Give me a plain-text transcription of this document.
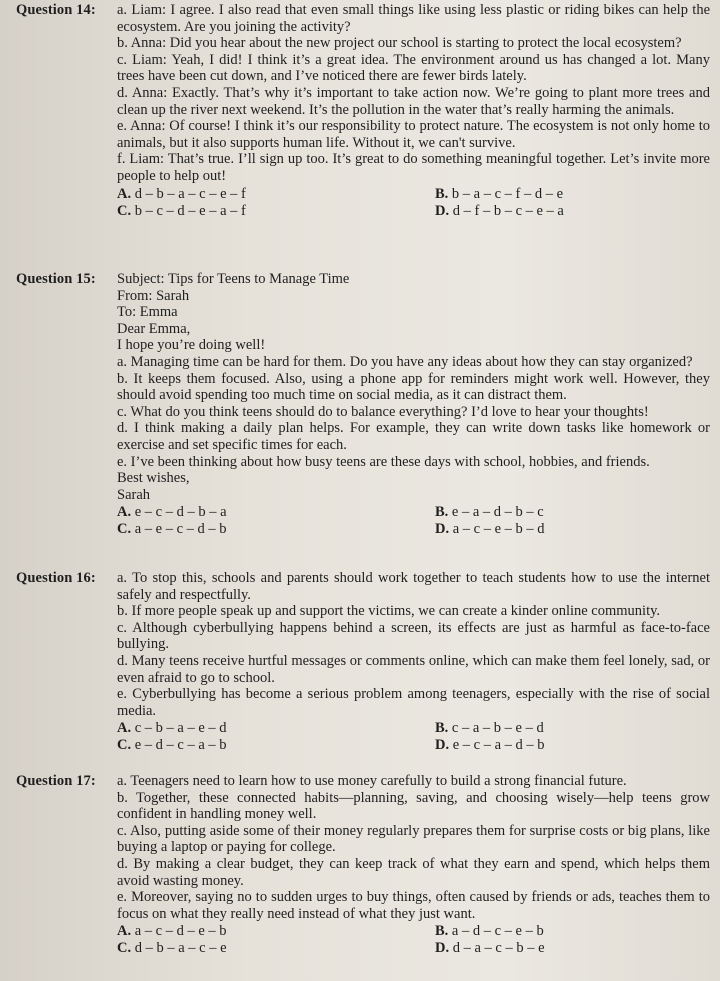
Question 14: a. Liam: I agree. I also read that even small things like using less plastic or riding bikes can help the ecosystem. Are you joining the activity?

b. Anna: Did you hear about the new project our school is starting to protect the local ecosystem?

c. Liam: Yeah, I did! I think it’s a great idea. The environment around us has changed a lot. Many trees have been cut down, and I’ve noticed there are fewer birds lately.

d. Anna: Exactly. That’s why it’s important to take action now. We’re going to plant more trees and clean up the river next weekend. It’s the pollution in the water that’s really harming the animals.

e. Anna: Of course! I think it’s our responsibility to protect nature. The ecosystem is not only home to animals, but it also supports human life. Without it, we can't survive.

f. Liam: That’s true. I’ll sign up too. It’s great to do something meaningful together. Let’s invite more people to help out!

A. d – b – a – c – e – f	B. b – a – c – f – d – e
C. b – c – d – e – a – f	D. d – f – b – c – e – a
Question 15: Subject: Tips for Teens to Manage Time

From: Sarah

To: Emma

Dear Emma,

I hope you’re doing well!

a. Managing time can be hard for them. Do you have any ideas about how they can stay organized?

b. It keeps them focused. Also, using a phone app for reminders might work well. However, they should avoid spending too much time on social media, as it can distract them.

c. What do you think teens should do to balance everything? I’d love to hear your thoughts!

d. I think making a daily plan helps. For example, they can write down tasks like homework or exercise and set specific times for each.

e. I’ve been thinking about how busy teens are these days with school, hobbies, and friends.

Best wishes,

Sarah

A. e – c – d – b – a	B. e – a – d – b – c
C. a – e – c – d – b	D. a – c – e – b – d
Question 16: a. To stop this, schools and parents should work together to teach students how to use the internet safely and respectfully.

b. If more people speak up and support the victims, we can create a kinder online community.

c. Although cyberbullying happens behind a screen, its effects are just as harmful as face-to-face bullying.

d. Many teens receive hurtful messages or comments online, which can make them feel lonely, sad, or even afraid to go to school.

e. Cyberbullying has become a serious problem among teenagers, especially with the rise of social media.

A. c – b – a – e – d	B. c – a – b – e – d
C. e – d – c – a – b	D. e – c – a – d – b
Question 17: a. Teenagers need to learn how to use money carefully to build a strong financial future.

b. Together, these connected habits—planning, saving, and choosing wisely—help teens grow confident in handling money well.

c. Also, putting aside some of their money regularly prepares them for surprise costs or big plans, like buying a laptop or paying for college.

d. By making a clear budget, they can keep track of what they earn and spend, which helps them avoid wasting money.

e. Moreover, saying no to sudden urges to buy things, often caused by friends or ads, teaches them to focus on what they really need instead of what they just want.

A. a – c – d – e – b	B. a – d – c – e – b
C. d – b – a – c – e	D. d – a – c – b – e
